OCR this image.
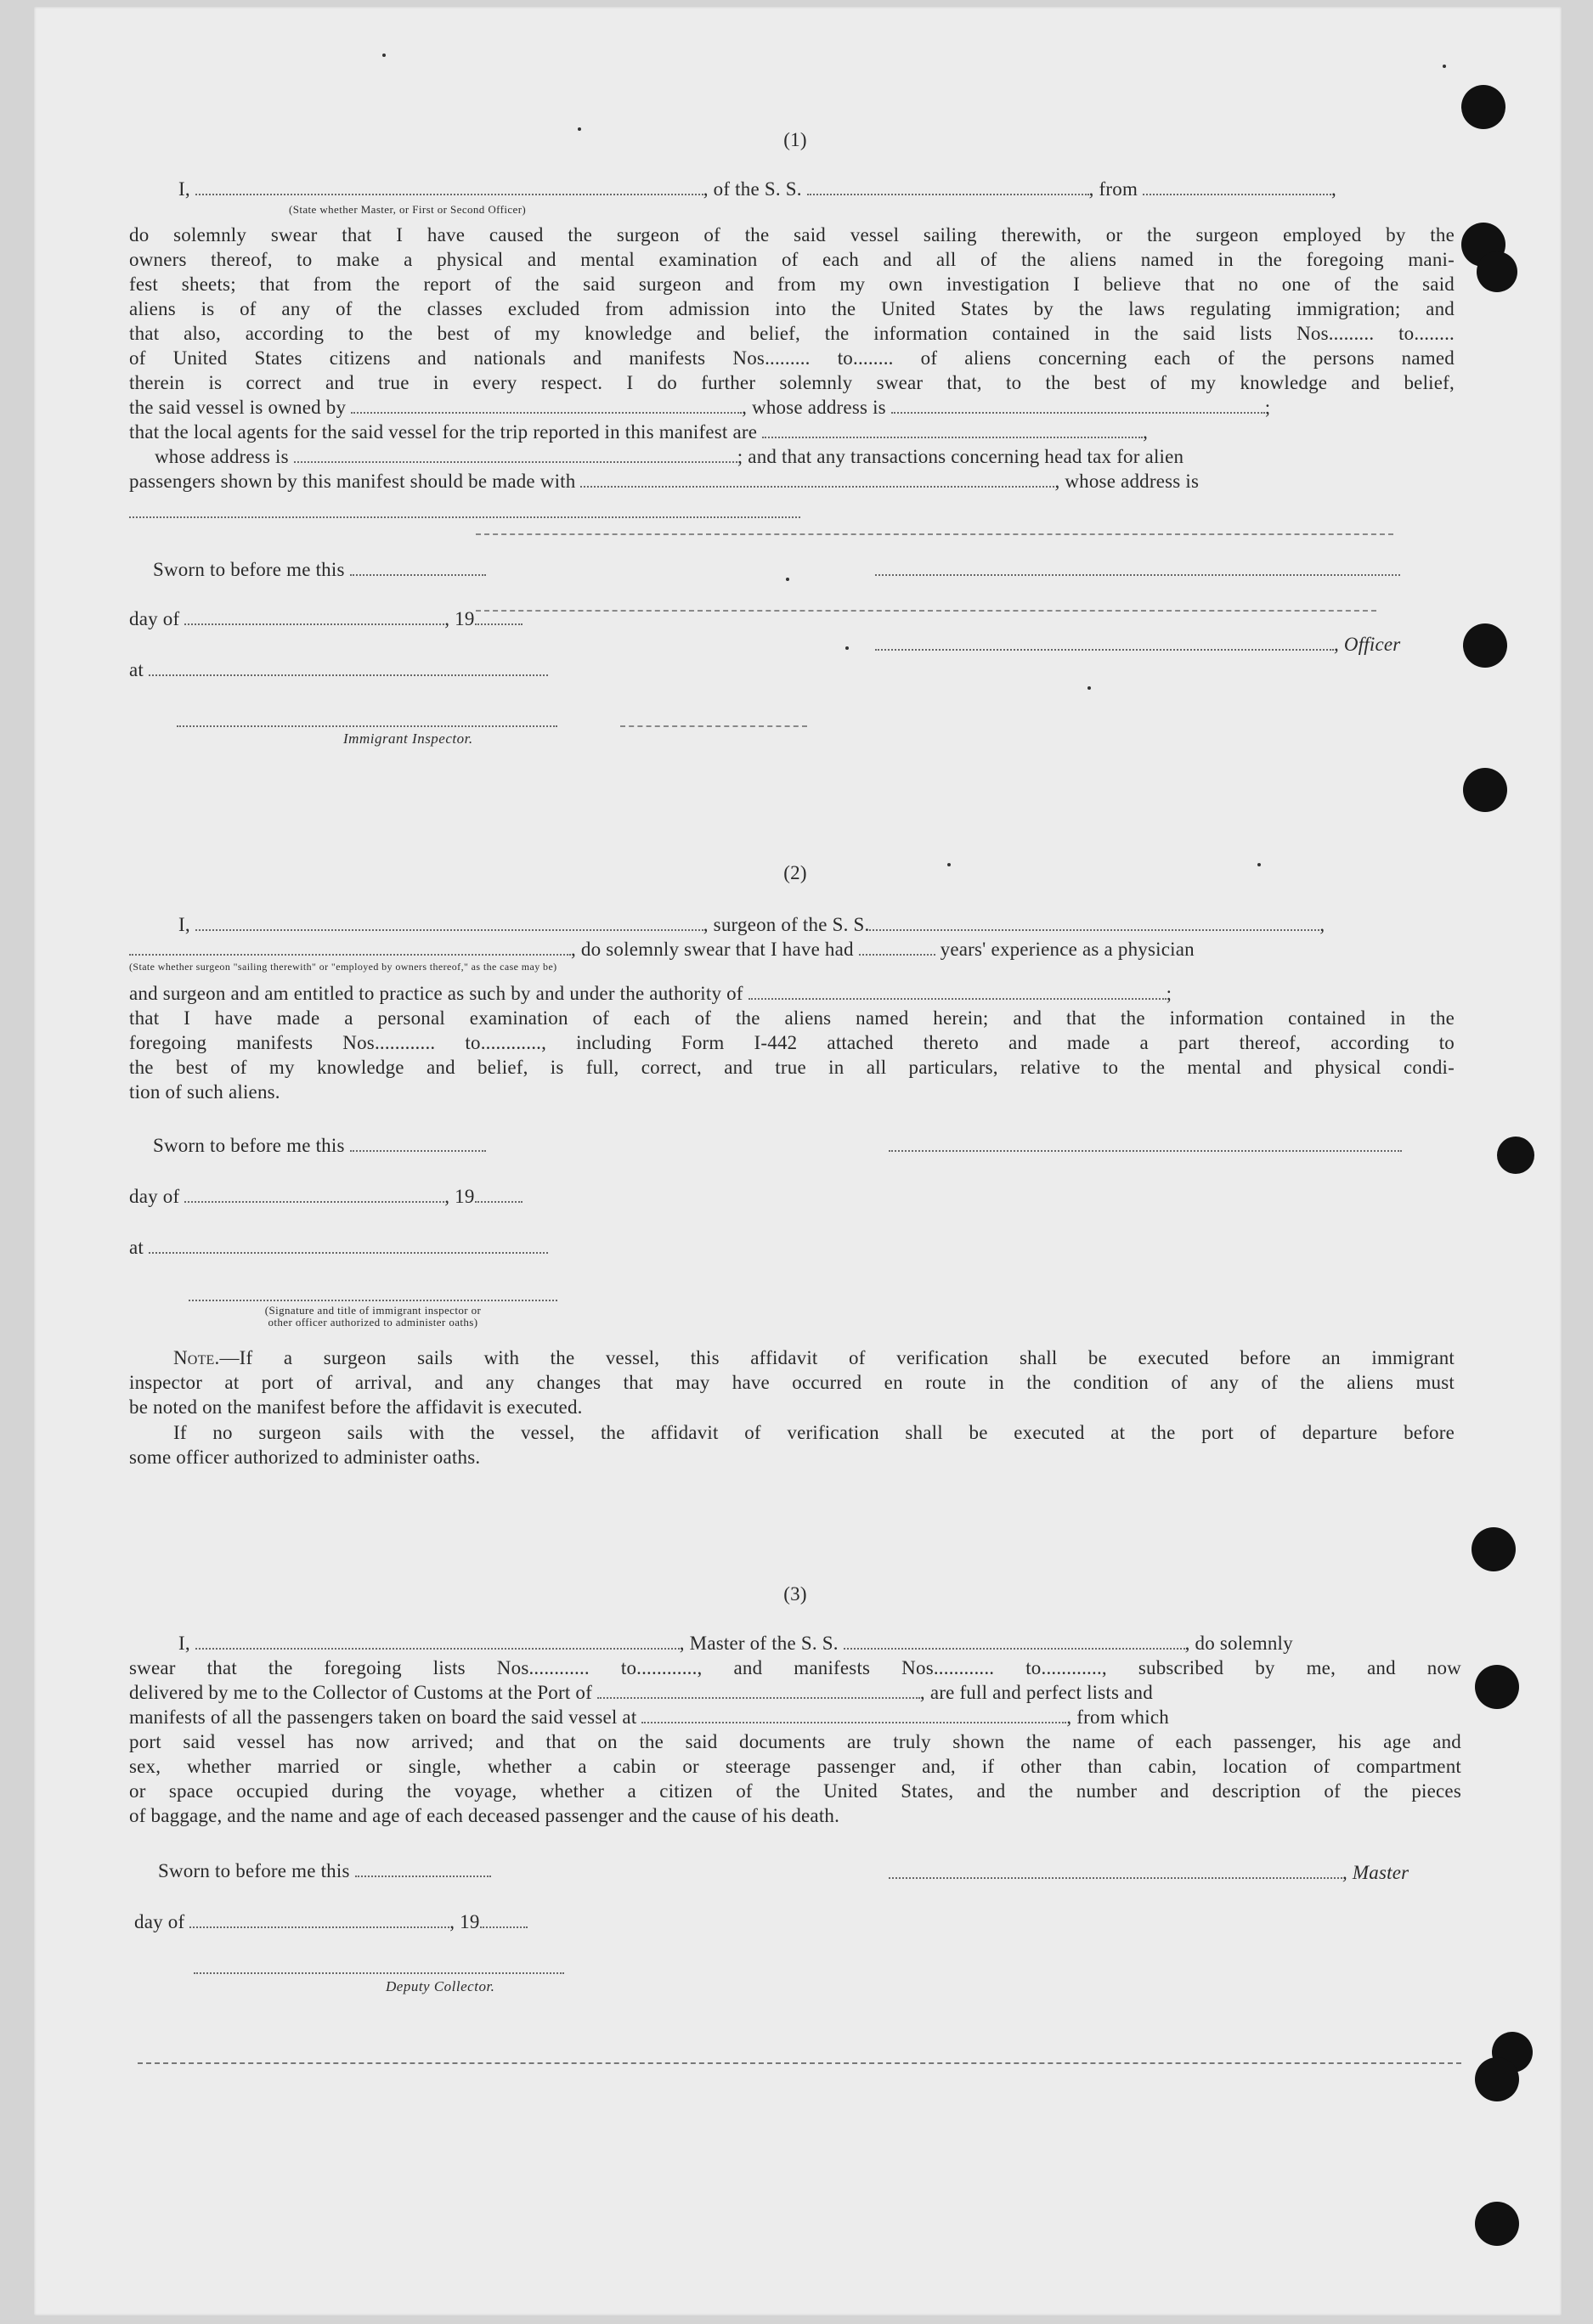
(1)
I,	, of the S. S.	, from	,
(State whether Master, or First or Second Officer)
do solemnly swear that I have caused the surgeon of the said vessel sailing therewith, or the surgeon employed by the
owners thereof, to make a physical and mental examination of each and all of the aliens named in the foregoing mani-
fest sheets; that from the report of the said surgeon and from my own investigation I believe that no one of the said
aliens is of any of the classes excluded from admission into the United States by the laws regulating immigration; and
that also, according to the best of my knowledge and belief, the information contained in the said lists Nos......... to........
of United States citizens and nationals and manifests Nos......... to........ of aliens concerning each of the persons named
therein is correct and true in every respect. I do further solemnly swear that, to the best of my knowledge and belief,
the said vessel is owned by	, whose address is	;
that the local agents for the said vessel for the trip reported in this manifest are	,
whose address is	; and that any transactions concerning head tax for alien
passengers shown by this manifest should be made with	, whose address is
Sworn to before me this
day of	, 19
, Officer
at
Immigrant Inspector.
(2)
I,	, surgeon of the S. S.	,
, do solemnly swear that I have had	years' experience as a physician
(State whether surgeon "sailing therewith" or "employed by owners thereof," as the case may be)
and surgeon and am entitled to practice as such by and under the authority of	;
that I have made a personal examination of each of the aliens named herein; and that the information contained in the
foregoing manifests Nos............ to............, including Form I-442 attached thereto and made a part thereof, according to
the best of my knowledge and belief, is full, correct, and true in all particulars, relative to the mental and physical condi-
tion of such aliens.
Sworn to before me this
day of	, 19
at
(Signature and title of immigrant inspector or
other officer authorized to administer oaths)
Note.—If a surgeon sails with the vessel, this affidavit of verification shall be executed before an immigrant
inspector at port of arrival, and any changes that may have occurred en route in the condition of any of the aliens must
be noted on the manifest before the affidavit is executed.
If no surgeon sails with the vessel, the affidavit of verification shall be executed at the port of departure before
some officer authorized to administer oaths.
(3)
I,	, Master of the S. S.	, do solemnly
swear that the foregoing lists Nos............ to............, and manifests Nos............ to............, subscribed by me, and now
delivered by me to the Collector of Customs at the Port of	, are full and perfect lists and
manifests of all the passengers taken on board the said vessel at	, from which
port said vessel has now arrived; and that on the said documents are truly shown the name of each passenger, his age and
sex, whether married or single, whether a cabin or steerage passenger and, if other than cabin, location of compartment
or space occupied during the voyage, whether a citizen of the United States, and the number and description of the pieces
of baggage, and the name and age of each deceased passenger and the cause of his death.
Sworn to before me this	, Master
day of	, 19
Deputy Collector.
